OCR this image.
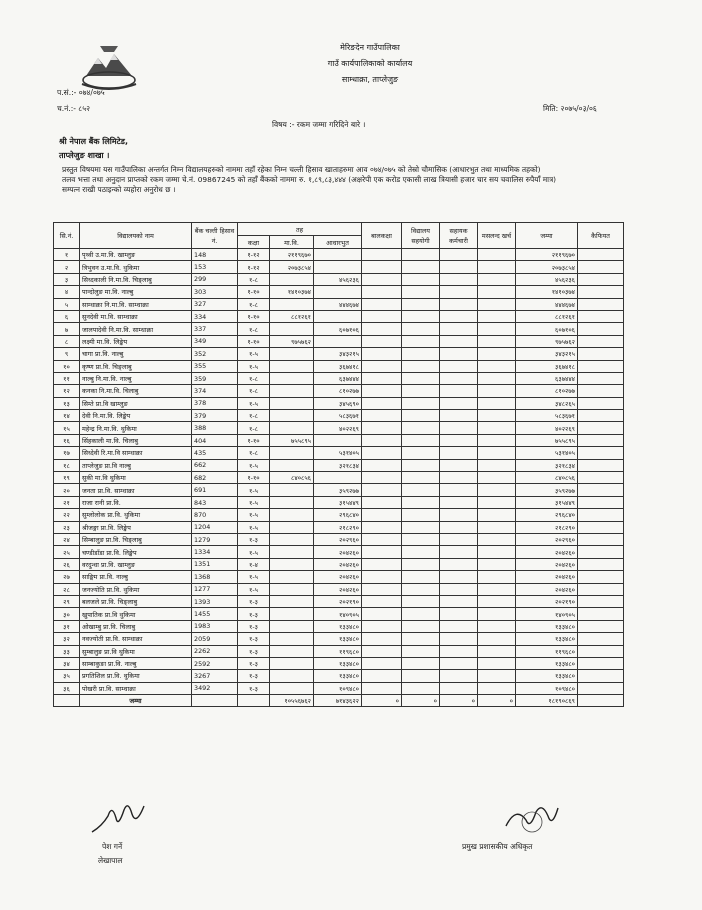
मेरिङदेन गाउँपालिका
गाउँ कार्यपालिकाको कार्यालय
साम्धाक्रा, ताप्लेजुङ
प.सं.:- ०७४/०७५
च.नं.:- ८५२	मिति: २०७५/०३/०६
विषय :- रकम जम्मा गरिदिने बारे ।
श्री नेपाल बैंक लिमिटेड,
ताप्लेजुङ शाखा ।
प्रस्तुत विषयमा यस गाउँपालिका अन्तर्गत निम्न विद्यालयहरुको नाममा तहाँ रहेका निम्न चल्ती हिसाव खाताहरुमा आव ०७४/०७५ को तेस्रो चौमासिक (आधारभुत तथा माध्यमिक तहको)
तलव भत्ता तथा अनुदान प्राप्तको रकम जम्मा चे.नं. 09867245 को तहाँ बैंकको नाममा रु. १,८९,८३,४४४ (अक्षरेपी एक करोड एकासी लाख त्रियासी हजार चार सय चवालिस रुपैयाँ मात्र)
सम्पत्न राखी पठाइन्को व्यहोरा अनुरोध छ ।
सि.नं.	विद्यालयको नाम	बैंक चल्ती हिसाव नं.	तह			बालकक्षा	विद्यालय सहयोगी	सहायक कर्मचारी	मसलन्द खर्च	जम्मा	कैफियत
			कक्षा	मा.वि.	आधारभुत						
१	पृथ्वी उ.मा.वि. खाम्लुङ	148	१-१२	२११९६७०						२११९६७०	
२	त्रिभुवन उ.मा.वि. थुकिमा	153	१-१२	२०७३८५४						२०७३८५४	
३	सिध्दकाली नि.मा.वि. चिङ्लाबु	299	१-८		४५६२३६					४५६२३६	
४	पान्दोलुङ मा.वि. नाल्बु	303	१-१०	१४१०३७४						१४१०३७४	
५	साम्धाक्रा नि.मा.वि. साम्धाक्रा	327	१-८		४४४६७४					४४४६७४	
६	सुनदेवी मा.वि. साम्धाक्रा	334	१-१०	८८१२६१						८८१२६१	
७	जालपादेवी नि.मा.वि. साम्धाक्रा	337	१-८		६०७१०६					६०७१०६	
८	लक्ष्मी मा.वि. लिङ्खेप	349	१-१०	९७५७६२						९७५७६२	
९	चागा प्रा.वि. नाल्बु	352	१-५		३४३२१५					३४३२१५	
१०	कृष्ण प्रा.वि. चिङ्लाबु	355	१-५		३६७४१८					३६७४१८	
११	नाल्बु नि.मा.वि. नाल्बु	359	१-८		६३७४४४					६३७४४४	
१२	कनका नि.मा.वि. चिलाबु	374	१-८		८१०२७७					८१०२७७	
१३	सिम्ते प्रा.वि खाम्लुङ	378	१-५		३४५६९०					३४८२६५	
१४	देवी नि.मा.वि. लिङ्खेप	379	१-८		५८३६७१					५८३६७१	
१५	महेन्द्र नि.मा.वि. थुकिमा	388	१-८		४०२२६९					४०२२६९	
१६	सिंहकाली मा.वि. चिलाबु	404	१-१०	७५५८९५						७५५८९५	
१७	सिध्देवी रि.मा.वि साम्धाक्रा	435	१-८		५३१४०५					५३१४०५	
१८	ताप्लेजुङ प्रा.वि नाल्बु	662	१-५		३२१८३४					३२१८३४	
१९	सुकी मा.वि थुकिमा	682	१-१०	८४०८५६						८४०८५६	
२०	जनता प्रा.वि. साम्धाक्रा	691	१-५		३५९२७७					३५९२७७	
२१	राजा रानी प्रा.वि.	843	१-५		३१५४४९					३१५४४९	
२२	सुम्लोलोक प्रा.वि. थुकिमा	870	१-५		२९६८४०					२९६८४०	
२३	श्रीजङ्गा प्रा.वि. लिङ्खेप	1204	१-५		२१८२९०					२१८२९०	
२४	सिम्बालुङ प्रा.वि. चिङ्लाबु	1279	१-३		२०२९६०					२०२९६०	
२५	चण्डीडाँडा प्रा.वि. लिङ्खेप	1334	१-५		२०४२६०					२०४२६०	
२६	वरदुन्धा प्रा.वि. खाम्लुङ	1351	१-४		२०४२६०					२०४२६०	
२७	साङ्घिम प्रा.वि. नाल्बु	1368	१-५		२०४२६०					२०४२६०	
२८	जनज्योति प्रा.वि. थुकिमा	1277	१-५		२०४२६०					२०४२६०	
२९	बलजले प्रा.वि. चिङ्लाबु	1393	१-३		२०२१९०					२०२१९०	
३०	खुपातिक प्रा.वि थुकिमा	1455	१-३		१४०९०५					१४०९०५	
३१	ओखाम्बु प्रा.वि. चिलाबु	1983	१-३		१३३४८०					१३३४८०	
३२	नवज्योती प्रा.वि. साम्धाक्रा	2059	१-३		१३३४८०					१३३४८०	
३३	सुम्बालुङ प्रा.वि थुकिमा	2262	१-३		११९६८०					११९६८०	
३४	साम्बाकुङा प्रा.वि. नाल्बु	2592	१-३		१३३४८०					१३३४८०	
३५	प्रगतिशिल प्रा.वि. थुकिमा	3267	१-३		१३३४८०					१३३४८०	
३६	पोखरी प्रा.वि. साम्धाक्रा	3492	१-३		१०९४८०					१०९४८०	
	जम्मा			१०५५६७६२	७१४३६२२	०	०	०	०	१८१९०८६९	
पेश गर्ने
लेखापाल
प्रमुख प्रशासकीय अधिकृत
